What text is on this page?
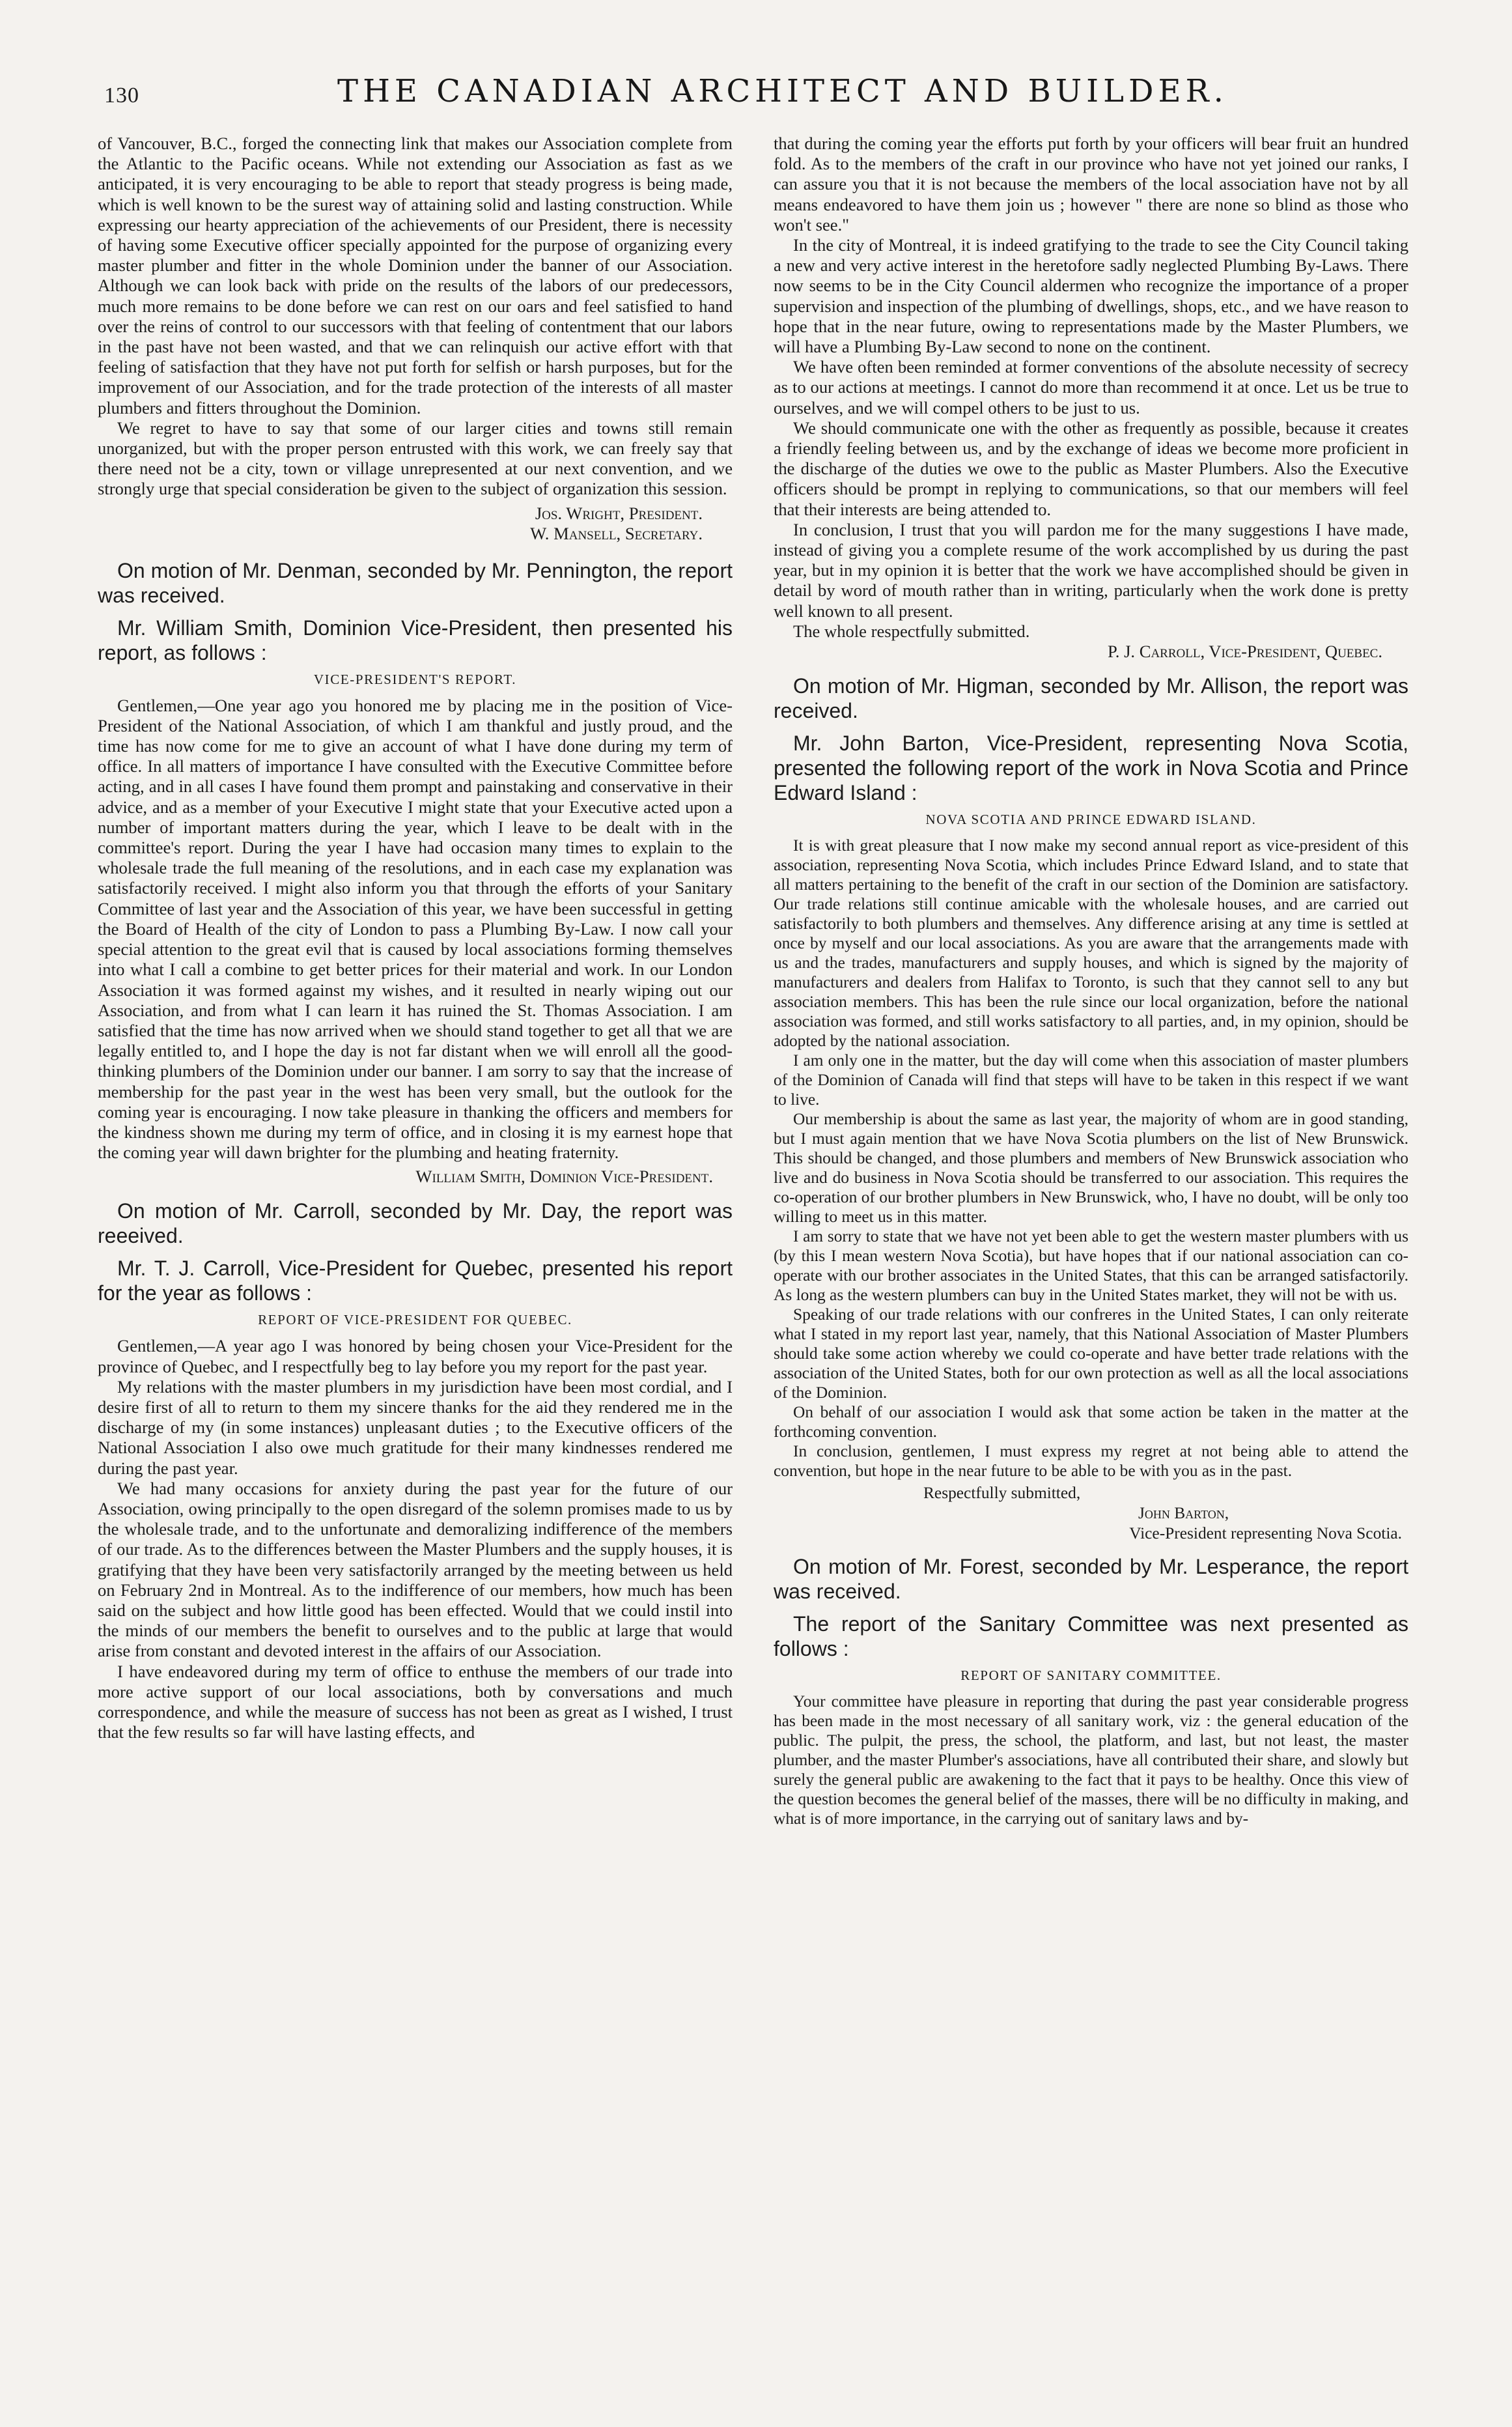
130	THE CANADIAN ARCHITECT AND BUILDER.

of Vancouver, B.C., forged the connecting link that makes our Association complete from the Atlantic to the Pacific oceans. While not extending our Association as fast as we anticipated, it is very encouraging to be able to report that steady progress is being made, which is well known to be the surest way of attaining solid and lasting construction. While expressing our hearty appreciation of the achievements of our President, there is necessity of having some Executive officer specially appointed for the purpose of organizing every master plumber and fitter in the whole Dominion under the banner of our Association. Although we can look back with pride on the results of the labors of our predecessors, much more remains to be done before we can rest on our oars and feel satisfied to hand over the reins of control to our successors with that feeling of contentment that our labors in the past have not been wasted, and that we can relinquish our active effort with that feeling of satisfaction that they have not put forth for selfish or harsh purposes, but for the improvement of our Association, and for the trade protection of the interests of all master plumbers and fitters throughout the Dominion.

We regret to have to say that some of our larger cities and towns still remain unorganized, but with the proper person entrusted with this work, we can freely say that there need not be a city, town or village unrepresented at our next convention, and we strongly urge that special consideration be given to the subject of organization this session.

Jos. Wright, President.

W. Mansell, Secretary.

On motion of Mr. Denman, seconded by Mr. Pennington, the report was received.

Mr. William Smith, Dominion Vice-President, then presented his report, as follows :

VICE-PRESIDENT'S REPORT.

Gentlemen,—One year ago you honored me by placing me in the position of Vice-President of the National Association, of which I am thankful and justly proud, and the time has now come for me to give an account of what I have done during my term of office. In all matters of importance I have consulted with the Executive Committee before acting, and in all cases I have found them prompt and painstaking and conservative in their advice, and as a member of your Executive I might state that your Executive acted upon a number of important matters during the year, which I leave to be dealt with in the committee's report. During the year I have had occasion many times to explain to the wholesale trade the full meaning of the resolutions, and in each case my explanation was satisfactorily received. I might also inform you that through the efforts of your Sanitary Committee of last year and the Association of this year, we have been successful in getting the Board of Health of the city of London to pass a Plumbing By-Law. I now call your special attention to the great evil that is caused by local associations forming themselves into what I call a combine to get better prices for their material and work. In our London Association it was formed against my wishes, and it resulted in nearly wiping out our Association, and from what I can learn it has ruined the St. Thomas Association. I am satisfied that the time has now arrived when we should stand together to get all that we are legally entitled to, and I hope the day is not far distant when we will enroll all the good-thinking plumbers of the Dominion under our banner. I am sorry to say that the increase of membership for the past year in the west has been very small, but the outlook for the coming year is encouraging. I now take pleasure in thanking the officers and members for the kindness shown me during my term of office, and in closing it is my earnest hope that the coming year will dawn brighter for the plumbing and heating fraternity.

William Smith, Dominion Vice-President.

On motion of Mr. Carroll, seconded by Mr. Day, the report was reeeived.

Mr. T. J. Carroll, Vice-President for Quebec, presented his report for the year as follows :

REPORT OF VICE-PRESIDENT FOR QUEBEC.

Gentlemen,—A year ago I was honored by being chosen your Vice-President for the province of Quebec, and I respectfully beg to lay before you my report for the past year.

My relations with the master plumbers in my jurisdiction have been most cordial, and I desire first of all to return to them my sincere thanks for the aid they rendered me in the discharge of my (in some instances) unpleasant duties ; to the Executive officers of the National Association I also owe much gratitude for their many kindnesses rendered me during the past year.

We had many occasions for anxiety during the past year for the future of our Association, owing principally to the open disregard of the solemn promises made to us by the wholesale trade, and to the unfortunate and demoralizing indifference of the members of our trade. As to the differences between the Master Plumbers and the supply houses, it is gratifying that they have been very satisfactorily arranged by the meeting between us held on February 2nd in Montreal. As to the indifference of our members, how much has been said on the subject and how little good has been effected. Would that we could instil into the minds of our members the benefit to ourselves and to the public at large that would arise from constant and devoted interest in the affairs of our Association.

I have endeavored during my term of office to enthuse the members of our trade into more active support of our local associations, both by conversations and much correspondence, and while the measure of success has not been as great as I wished, I trust that the few results so far will have lasting effects, and

that during the coming year the efforts put forth by your officers will bear fruit an hundred fold. As to the members of the craft in our province who have not yet joined our ranks, I can assure you that it is not because the members of the local association have not by all means endeavored to have them join us ; however " there are none so blind as those who won't see."

In the city of Montreal, it is indeed gratifying to the trade to see the City Council taking a new and very active interest in the heretofore sadly neglected Plumbing By-Laws. There now seems to be in the City Council aldermen who recognize the importance of a proper supervision and inspection of the plumbing of dwellings, shops, etc., and we have reason to hope that in the near future, owing to representations made by the Master Plumbers, we will have a Plumbing By-Law second to none on the continent.

We have often been reminded at former conventions of the absolute necessity of secrecy as to our actions at meetings. I cannot do more than recommend it at once. Let us be true to ourselves, and we will compel others to be just to us.

We should communicate one with the other as frequently as possible, because it creates a friendly feeling between us, and by the exchange of ideas we become more proficient in the discharge of the duties we owe to the public as Master Plumbers. Also the Executive officers should be prompt in replying to communications, so that our members will feel that their interests are being attended to.

In conclusion, I trust that you will pardon me for the many suggestions I have made, instead of giving you a complete resume of the work accomplished by us during the past year, but in my opinion it is better that the work we have accomplished should be given in detail by word of mouth rather than in writing, particularly when the work done is pretty well known to all present.

The whole respectfully submitted.

P. J. Carroll, Vice-President, Quebec.

On motion of Mr. Higman, seconded by Mr. Allison, the report was received.

Mr. John Barton, Vice-President, representing Nova Scotia, presented the following report of the work in Nova Scotia and Prince Edward Island :

NOVA SCOTIA AND PRINCE EDWARD ISLAND.

It is with great pleasure that I now make my second annual report as vice-president of this association, representing Nova Scotia, which includes Prince Edward Island, and to state that all matters pertaining to the benefit of the craft in our section of the Dominion are satisfactory. Our trade relations still continue amicable with the wholesale houses, and are carried out satisfactorily to both plumbers and themselves. Any difference arising at any time is settled at once by myself and our local associations. As you are aware that the arrangements made with us and the trades, manufacturers and supply houses, and which is signed by the majority of manufacturers and dealers from Halifax to Toronto, is such that they cannot sell to any but association members. This has been the rule since our local organization, before the national association was formed, and still works satisfactory to all parties, and, in my opinion, should be adopted by the national association.

I am only one in the matter, but the day will come when this association of master plumbers of the Dominion of Canada will find that steps will have to be taken in this respect if we want to live.

Our membership is about the same as last year, the majority of whom are in good standing, but I must again mention that we have Nova Scotia plumbers on the list of New Brunswick. This should be changed, and those plumbers and members of New Brunswick association who live and do business in Nova Scotia should be transferred to our association. This requires the co-operation of our brother plumbers in New Brunswick, who, I have no doubt, will be only too willing to meet us in this matter.

I am sorry to state that we have not yet been able to get the western master plumbers with us (by this I mean western Nova Scotia), but have hopes that if our national association can co-operate with our brother associates in the United States, that this can be arranged satisfactorily. As long as the western plumbers can buy in the United States market, they will not be with us.

Speaking of our trade relations with our confreres in the United States, I can only reiterate what I stated in my report last year, namely, that this National Association of Master Plumbers should take some action whereby we could co-operate and have better trade relations with the association of the United States, both for our own protection as well as all the local associations of the Dominion.

On behalf of our association I would ask that some action be taken in the matter at the forthcoming convention.

In conclusion, gentlemen, I must express my regret at not being able to attend the convention, but hope in the near future to be able to be with you as in the past.

Respectfully submitted,

John Barton,

Vice-President representing Nova Scotia.

On motion of Mr. Forest, seconded by Mr. Lesperance, the report was received.

The report of the Sanitary Committee was next presented as follows :

REPORT OF SANITARY COMMITTEE.

Your committee have pleasure in reporting that during the past year considerable progress has been made in the most necessary of all sanitary work, viz : the general education of the public. The pulpit, the press, the school, the platform, and last, but not least, the master plumber, and the master Plumber's associations, have all contributed their share, and slowly but surely the general public are awakening to the fact that it pays to be healthy. Once this view of the question becomes the general belief of the masses, there will be no difficulty in making, and what is of more importance, in the carrying out of sanitary laws and by-
